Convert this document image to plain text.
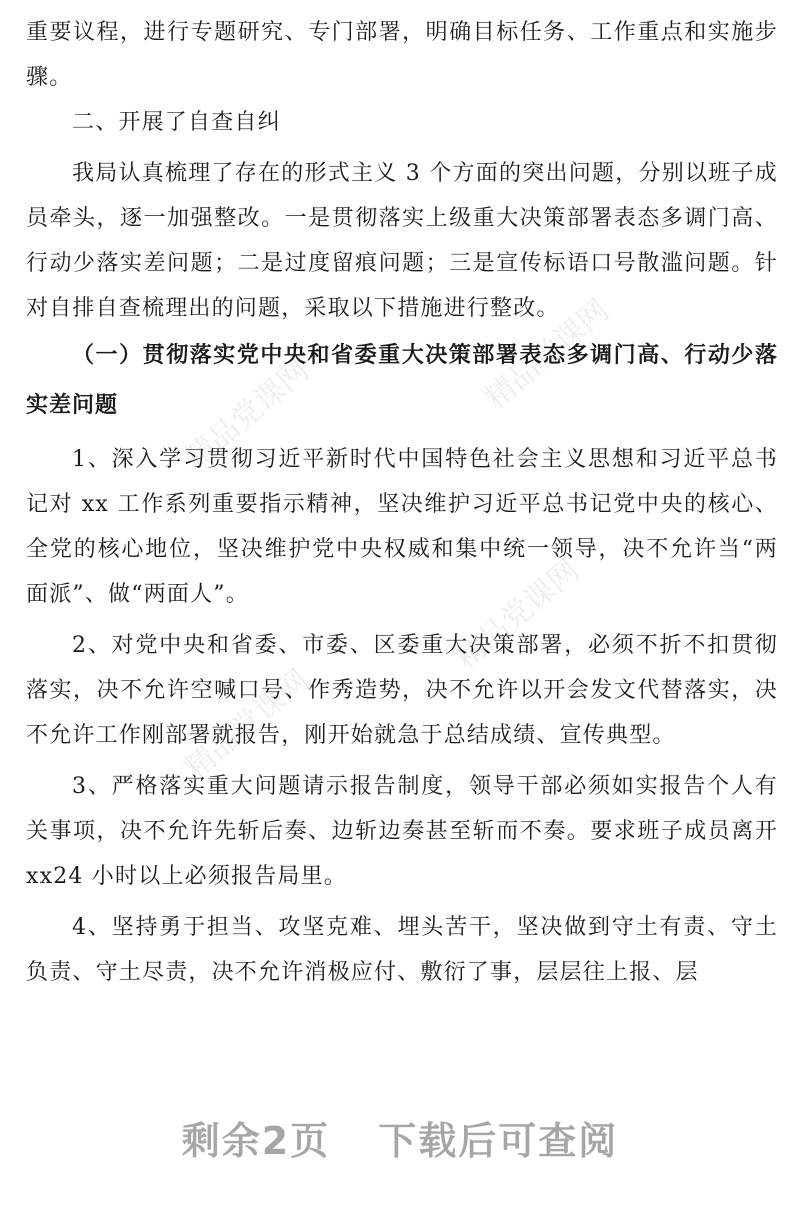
精品党课网	精品党课网
精品党课网
精品党课网

重要议程，进行专题研究、专门部署，明确目标任务、工作重点和实施步骤。

二、开展了自查自纠

我局认真梳理了存在的形式主义 3 个方面的突出问题，分别以班子成员牵头，逐一加强整改。一是贯彻落实上级重大决策部署表态多调门高、行动少落实差问题；二是过度留痕问题；三是宣传标语口号散滥问题。针对自排自查梳理出的问题，采取以下措施进行整改。

（一）贯彻落实党中央和省委重大决策部署表态多调门高、行动少落实差问题

1、深入学习贯彻习近平新时代中国特色社会主义思想和习近平总书记对 xx 工作系列重要指示精神，坚决维护习近平总书记党中央的核心、全党的核心地位，坚决维护党中央权威和集中统一领导，决不允许当“两面派”、做“两面人”。

2、对党中央和省委、市委、区委重大决策部署，必须不折不扣贯彻落实，决不允许空喊口号、作秀造势，决不允许以开会发文代替落实，决不允许工作刚部署就报告，刚开始就急于总结成绩、宣传典型。

3、严格落实重大问题请示报告制度，领导干部必须如实报告个人有关事项，决不允许先斩后奏、边斩边奏甚至斩而不奏。要求班子成员离开 xx24 小时以上必须报告局里。

4、坚持勇于担当、攻坚克难、埋头苦干，坚决做到守土有责、守土负责、守土尽责，决不允许消极应付、敷衍了事，层层往上报、层

剩余2页 下载后可查阅
